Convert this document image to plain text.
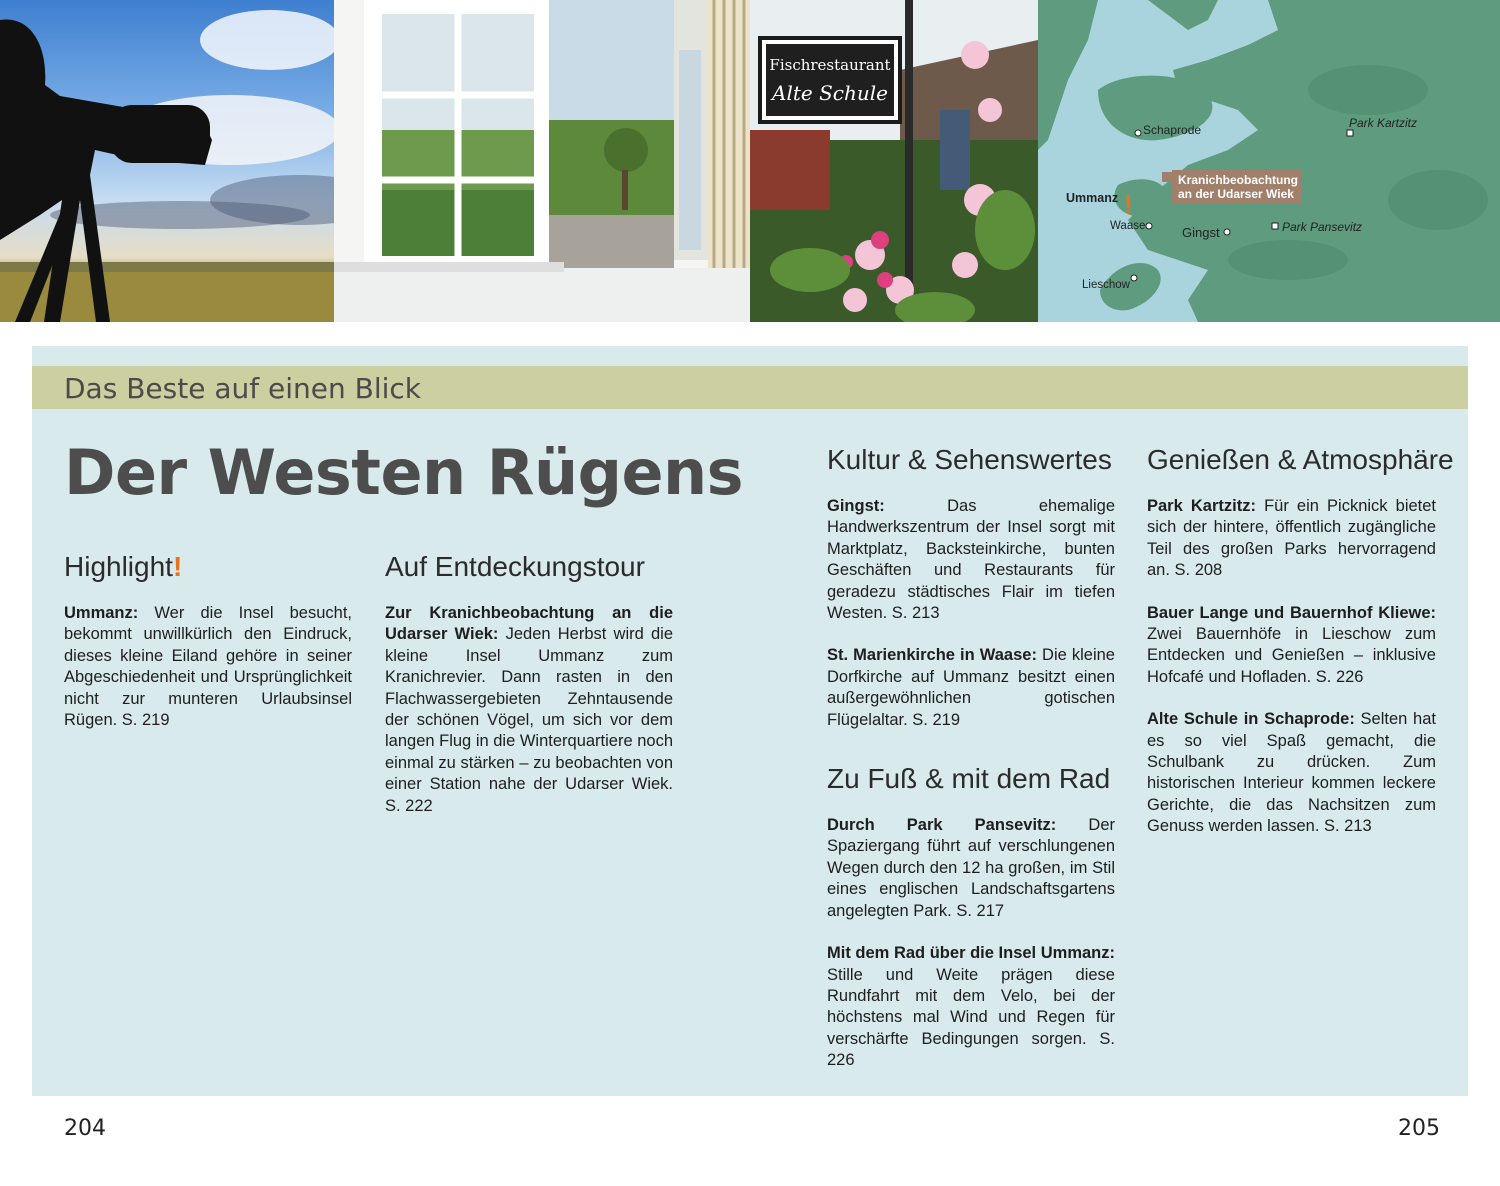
Fischrestaurant
Alte Schule
Schaprode	Park Kartzitz
Ummanz !
Kranichbeobachtung
an der Udarser Wiek
Waase	Gingst	Park Pansevitz
Lieschow
Das Beste auf einen Blick
Der Westen Rügens
Highlight!

Ummanz: Wer die Insel besucht, bekommt unwillkürlich den Eindruck, dieses kleine Eiland gehöre in seiner Abgeschiedenheit und Ursprünglichkeit nicht zur munteren Urlaubsinsel Rügen. S. 219

Auf Entdeckungstour

Zur Kranichbeobachtung an die Udarser Wiek: Jeden Herbst wird die kleine Insel Ummanz zum Kranichrevier. Dann rasten in den Flachwassergebieten Zehntausende der schönen Vögel, um sich vor dem langen Flug in die Winterquartiere noch einmal zu stärken – zu beobachten von einer Station nahe der Udarser Wiek. S. 222

Kultur & Sehenswertes

Gingst: Das ehemalige Handwerkszentrum der Insel sorgt mit Marktplatz, Backsteinkirche, bunten Geschäften und Restaurants für geradezu städtisches Flair im tiefen Westen. S. 213

St. Marienkirche in Waase: Die kleine Dorfkirche auf Ummanz besitzt einen außergewöhnlichen gotischen Flügelaltar. S. 219

Zu Fuß & mit dem Rad

Durch Park Pansevitz: Der Spaziergang führt auf verschlungenen Wegen durch den 12 ha großen, im Stil eines englischen Landschaftsgartens angelegten Park. S. 217

Mit dem Rad über die Insel Ummanz: Stille und Weite prägen diese Rundfahrt mit dem Velo, bei der höchstens mal Wind und Regen für verschärfte Bedingungen sorgen. S. 226

Genießen & Atmosphäre

Park Kartzitz: Für ein Picknick bietet sich der hintere, öffentlich zugängliche Teil des großen Parks hervorragend an. S. 208

Bauer Lange und Bauernhof Kliewe: Zwei Bauernhöfe in Lieschow zum Entdecken und Genießen – inklusive Hofcafé und Hofladen. S. 226

Alte Schule in Schaprode: Selten hat es so viel Spaß gemacht, die Schulbank zu drücken. Zum historischen Interieur kommen leckere Gerichte, die das Nachsitzen zum Genuss werden lassen. S. 213

204	205
